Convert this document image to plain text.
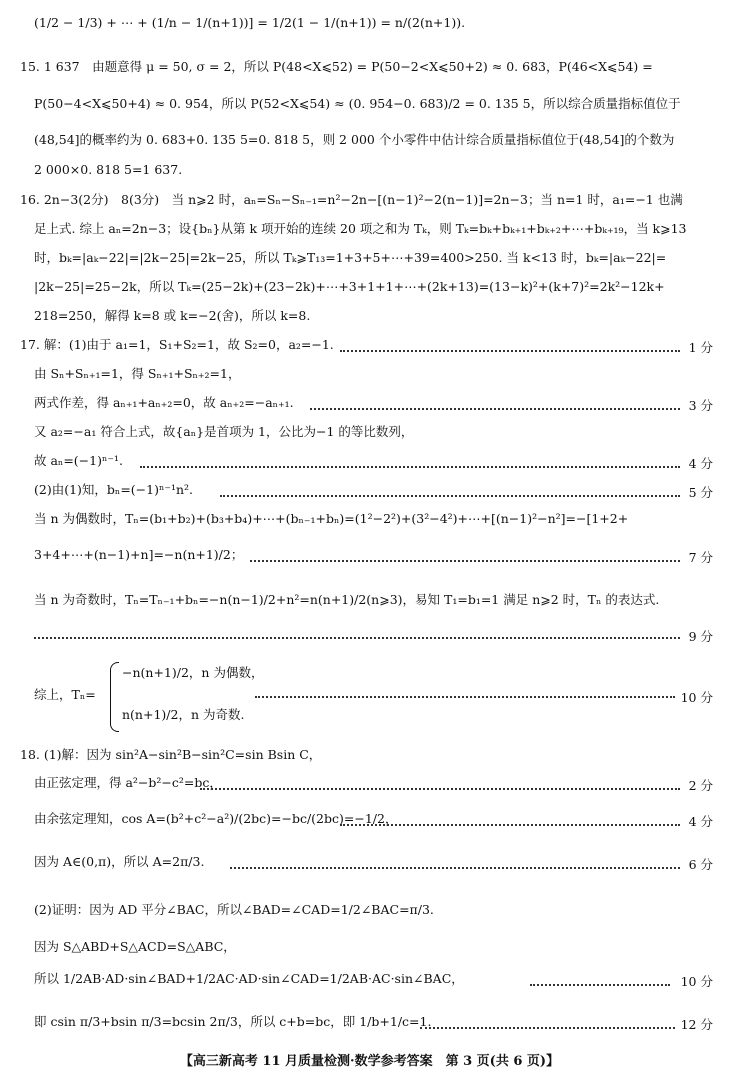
(1/2 − 1/3) + ⋯ + (1/n − 1/(n+1))] = 1/2(1 − 1/(n+1)) = n/(2(n+1)).
15. 1 637　由题意得 μ = 50, σ = 2，所以 P(48<X⩽52) = P(50−2<X⩽50+2) ≈ 0. 683，P(46<X⩽54) =
P(50−4<X⩽50+4) ≈ 0. 954，所以 P(52<X⩽54) ≈ (0. 954−0. 683)/2 = 0. 135 5，所以综合质量指标值位于
(48,54]的概率约为 0. 683+0. 135 5=0. 818 5，则 2 000 个小零件中估计综合质量指标值位于(48,54]的个数为
2 000×0. 818 5=1 637.
16. 2n−3(2分)　8(3分)　当 n⩾2 时，aₙ=Sₙ−Sₙ₋₁=n²−2n−[(n−1)²−2(n−1)]=2n−3；当 n=1 时，a₁=−1 也满
足上式. 综上 aₙ=2n−3；设{bₙ}从第 k 项开始的连续 20 项之和为 Tₖ，则 Tₖ=bₖ+bₖ₊₁+bₖ₊₂+⋯+bₖ₊₁₉，当 k⩾13
时，bₖ=|aₖ−22|=|2k−25|=2k−25，所以 Tₖ⩾T₁₃=1+3+5+⋯+39=400>250. 当 k<13 时，bₖ=|aₖ−22|=
|2k−25|=25−2k，所以 Tₖ=(25−2k)+(23−2k)+⋯+3+1+1+⋯+(2k+13)=(13−k)²+(k+7)²=2k²−12k+
218=250，解得 k=8 或 k=−2(舍)，所以 k=8.
17. 解：(1)由于 a₁=1，S₁+S₂=1，故 S₂=0，a₂=−1.	1 分
由 Sₙ+Sₙ₊₁=1，得 Sₙ₊₁+Sₙ₊₂=1，
两式作差，得 aₙ₊₁+aₙ₊₂=0，故 aₙ₊₂=−aₙ₊₁.	3 分
又 a₂=−a₁ 符合上式，故{aₙ}是首项为 1，公比为−1 的等比数列，
故 aₙ=(−1)ⁿ⁻¹.	4 分
(2)由(1)知，bₙ=(−1)ⁿ⁻¹n².	5 分
当 n 为偶数时，Tₙ=(b₁+b₂)+(b₃+b₄)+⋯+(bₙ₋₁+bₙ)=(1²−2²)+(3²−4²)+⋯+[(n−1)²−n²]=−[1+2+
3+4+⋯+(n−1)+n]=−n(n+1)/2；	7 分
当 n 为奇数时，Tₙ=Tₙ₋₁+bₙ=−n(n−1)/2+n²=n(n+1)/2(n⩾3)，易知 T₁=b₁=1 满足 n⩾2 时，Tₙ 的表达式.
9 分
综上，Tₙ=
−n(n+1)/2，n 为偶数，
n(n+1)/2，n 为奇数.
10 分
18. (1)解：因为 sin²A−sin²B−sin²C=sin Bsin C，
由正弦定理，得 a²−b²−c²=bc，	2 分
由余弦定理知，cos A=(b²+c²−a²)/(2bc)=−bc/(2bc)=−1/2，	4 分
因为 A∈(0,π)，所以 A=2π/3.	6 分
(2)证明：因为 AD 平分∠BAC，所以∠BAD=∠CAD=1/2∠BAC=π/3.
因为 S△ABD+S△ACD=S△ABC，
所以 1/2AB·AD·sin∠BAD+1/2AC·AD·sin∠CAD=1/2AB·AC·sin∠BAC，	10 分
即 csin π/3+bsin π/3=bcsin 2π/3，所以 c+b=bc，即 1/b+1/c=1.	12 分
【高三新高考 11 月质量检测·数学参考答案　第 3 页(共 6 页)】
